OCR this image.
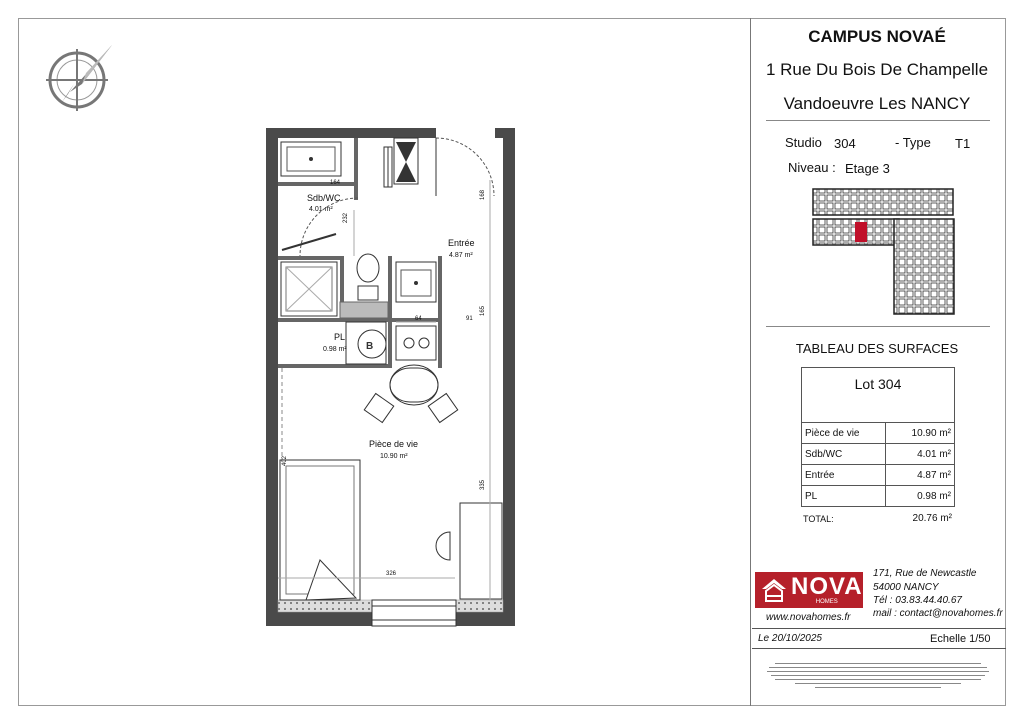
B
Sdb/WC
4.01 m²
Entrée
4.87 m²
PL
0.98 m²
Pièce de vie
10.90 m²
164
232
168
165
91
64
402
335
326
CAMPUS NOVAÉ
1 Rue Du Bois De Champelle
Vandoeuvre Les NANCY
Studio 304	- Type T1
Niveau : Etage 3
TABLEAU DES SURFACES
Lot 304
Pièce de vie	10.90 m²
Sdb/WC	4.01 m²
Entrée	4.87 m²
PL	0.98 m²
TOTAL:	20.76 m²
NOVA
HOMES
www.novahomes.fr
171, Rue de Newcastle
54000 NANCY
Tél : 03.83.44.40.67
mail : contact@novahomes.fr
Le 20/10/2025	Echelle 1/50
